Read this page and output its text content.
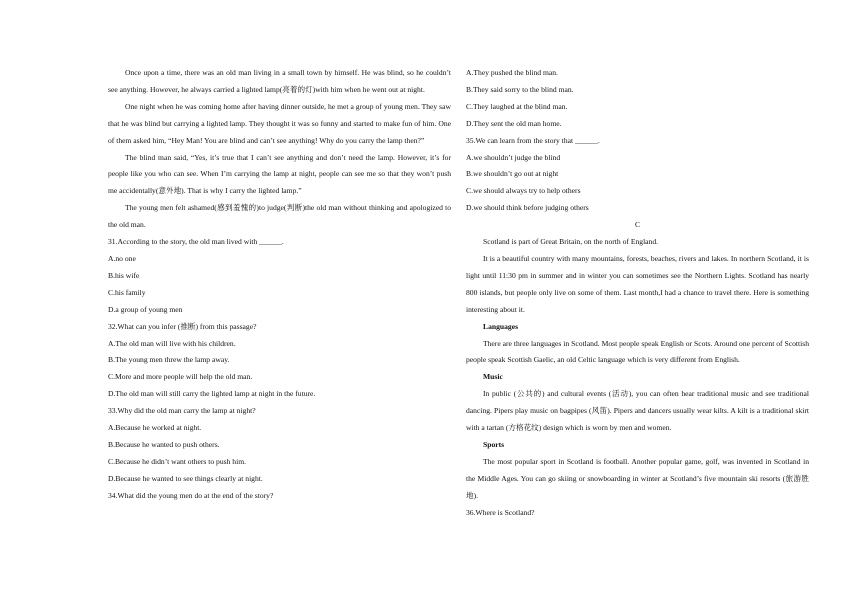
Once upon a time, there was an old man living in a small town by himself. He was blind, so he couldn’t see anything. However, he always carried a lighted lamp(亮着的灯)with him when he went out at night.

One night when he was coming home after having dinner outside, he met a group of young men. They saw that he was blind but carrying a lighted lamp. They thought it was so funny and started to make fun of him. One of them asked him, “Hey Man! You are blind and can’t see anything! Why do you carry the lamp then?”

The blind man said, “Yes, it’s true that I can’t see anything and don’t need the lamp. However, it’s for people like you who can see. When I’m carrying the lamp at night, people can see me so that they won’t push me accidentally(意外地). That is why I carry the lighted lamp.”

The young men felt ashamed(感到羞愧的)to judge(判断)the old man without thinking and apologized to the old man.

31.According to the story, the old man lived with ______.

A.no one

B.his wife

C.his family

D.a group of young men

32.What can you infer (推断) from this passage?

A.The old man will live with his children.

B.The young men threw the lamp away.

C.More and more people will help the old man.

D.The old man will still carry the lighted lamp at night in the future.

33.Why did the old man carry the lamp at night?

A.Because he worked at night.

B.Because he wanted to push others.

C.Because he didn’t want others to push him.

D.Because he wanted to see things clearly at night.

34.What did the young men do at the end of the story?

A.They pushed the blind man.

B.They said sorry to the blind man.

C.They laughed at the blind man.

D.They sent the old man home.

35.We can learn from the story that ______.

A.we shouldn’t judge the blind

B.we shouldn’t go out at night

C.we should always try to help others

D.we should think before judging others

C

Scotland is part of Great Britain, on the north of England.

It is a beautiful country with many mountains, forests, beaches, rivers and lakes. In northern Scotland, it is light until 11:30 pm in summer and in winter you can sometimes see the Northern Lights. Scotland has nearly 800 islands, but people only live on some of them. Last month,I had a chance to travel there. Here is something interesting about it.

Languages

There are three languages in Scotland. Most people speak English or Scots. Around one percent of Scottish people speak Scottish Gaelic, an old Celtic language which is very different from English.

Music

In public (公共的) and cultural events (活动), you can often hear traditional music and see traditional dancing. Pipers play music on bagpipes (风笛). Pipers and dancers usually wear kilts. A kilt is a traditional skirt with a tartan (方格花纹) design which is worn by men and women.

Sports

The most popular sport in Scotland is football. Another popular game, golf, was invented in Scotland in the Middle Ages. You can go skiing or snowboarding in winter at Scotland’s five mountain ski resorts (旅游胜地).

36.Where is Scotland?
